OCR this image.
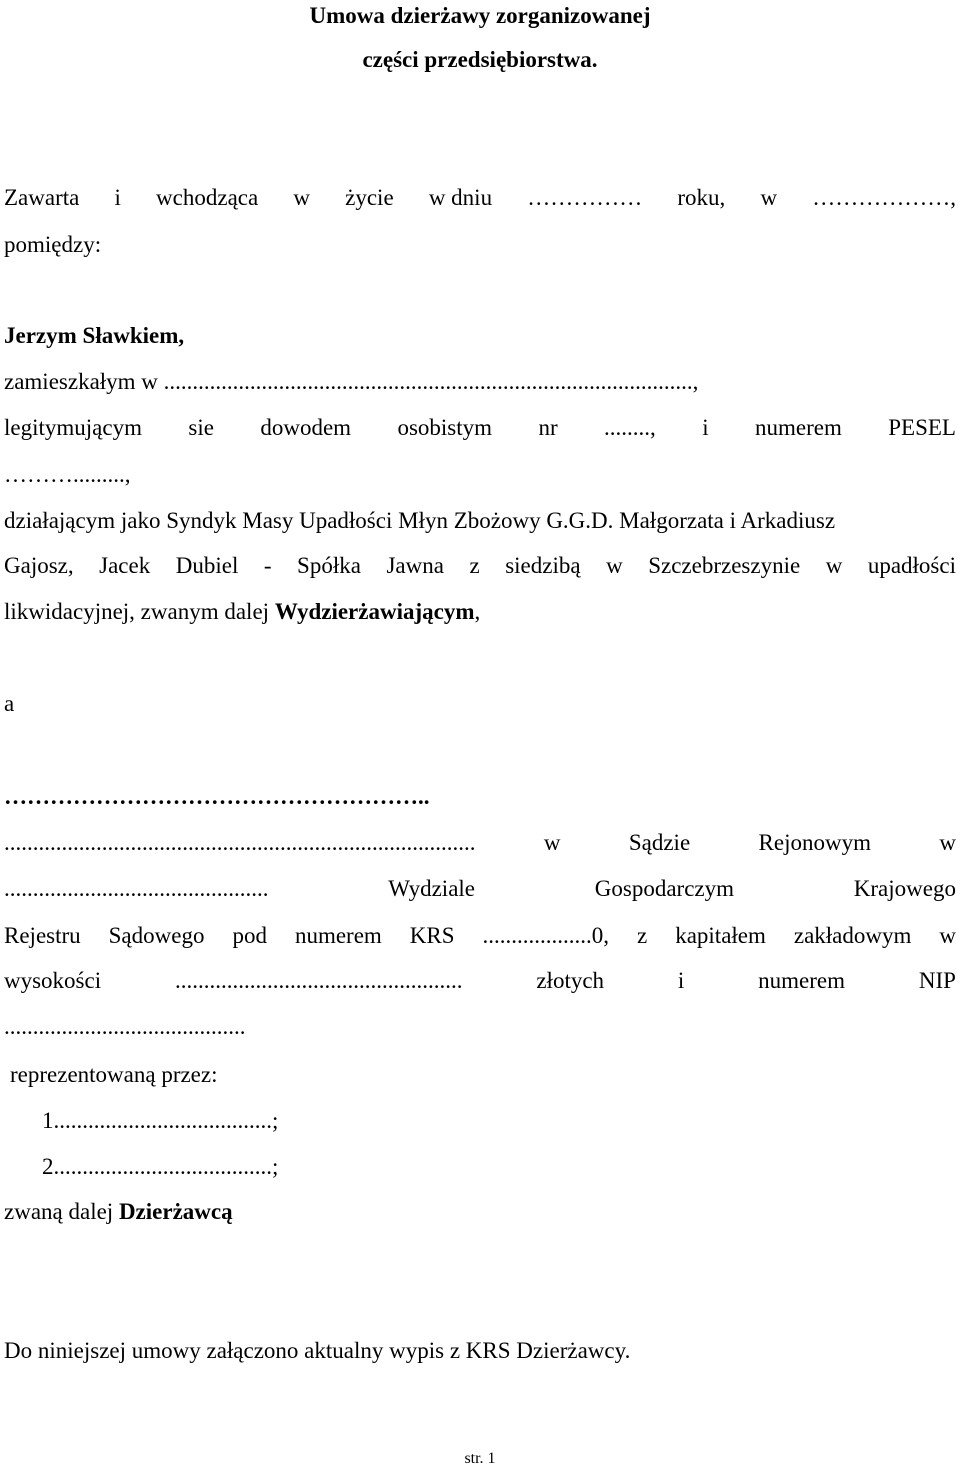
Umowa dzierżawy zorganizowanej
części przedsiębiorstwa.
Zawarta i wchodząca w życie w dniu …………… roku, w ………………,
pomiędzy:
Jerzym Sławkiem,
zamieszkałym w ............................................................................................,
legitymującym sie dowodem osobistym nr ........, i numerem PESEL
……….........,
działającym jako Syndyk Masy Upadłości Młyn Zbożowy G.G.D. Małgorzata i Arkadiusz
Gajosz, Jacek Dubiel - Spółka Jawna z siedzibą w Szczebrzeszynie w upadłości
likwidacyjnej, zwanym dalej Wydzierżawiającym,
a
………………………………………………..
..................................................................................	w	Sądzie	Rejonowym	w
..............................................	Wydziale	Gospodarczym	Krajowego
Rejestru Sądowego pod numerem KRS ...................0, z kapitałem zakładowym w
wysokości	..................................................	złotych	i	numerem	NIP
..........................................
reprezentowaną przez:
1......................................;
2......................................;
zwaną dalej Dzierżawcą
Do niniejszej umowy załączono aktualny wypis z KRS Dzierżawcy.
str. 1
